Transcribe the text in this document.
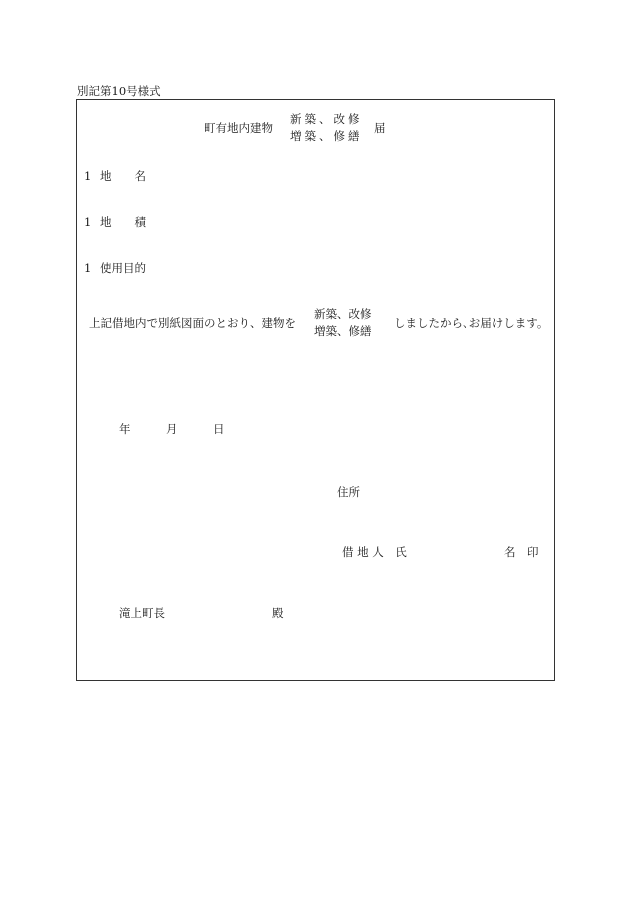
別記第10号様式
町有地内建物
新築、改修
増築、修繕
届
1 地　　名
1 地　　積
1 使用目的
上記借地内で別紙図面のとおり、建物を
新築、改修
増築、修繕
しましたから､お届けします。
年	月	日
住所
借 地 人　氏	名 印
滝上町長	殿
